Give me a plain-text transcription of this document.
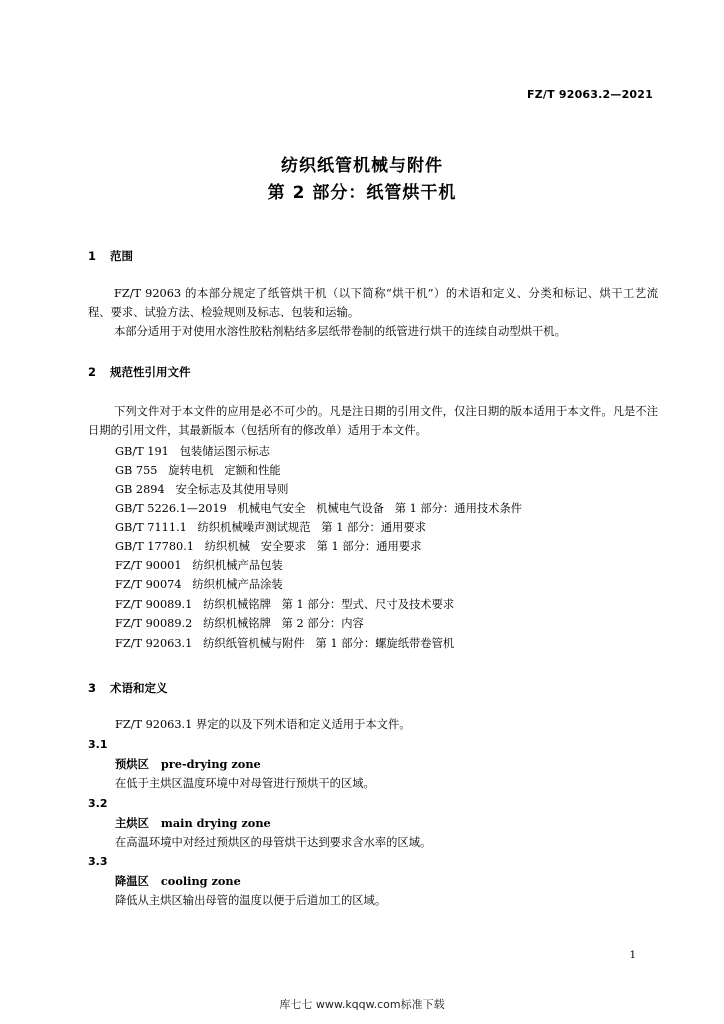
FZ/T 92063.2—2021
纺织纸管机械与附件
第 2 部分：纸管烘干机
1 范围
FZ/T 92063 的本部分规定了纸管烘干机（以下简称“烘干机”）的术语和定义、分类和标记、烘干工艺流程、要求、试验方法、检验规则及标志、包装和运输。
本部分适用于对使用水溶性胶粘剂粘结多层纸带卷制的纸管进行烘干的连续自动型烘干机。
2 规范性引用文件
下列文件对于本文件的应用是必不可少的。凡是注日期的引用文件，仅注日期的版本适用于本文件。凡是不注日期的引用文件，其最新版本（包括所有的修改单）适用于本文件。
GB/T 191   包装储运图示标志
GB 755   旋转电机   定额和性能
GB 2894   安全标志及其使用导则
GB/T 5226.1—2019   机械电气安全   机械电气设备   第 1 部分：通用技术条件
GB/T 7111.1   纺织机械噪声测试规范   第 1 部分：通用要求
GB/T 17780.1   纺织机械   安全要求   第 1 部分：通用要求
FZ/T 90001   纺织机械产品包装
FZ/T 90074   纺织机械产品涂装
FZ/T 90089.1   纺织机械铭牌   第 1 部分：型式、尺寸及技术要求
FZ/T 90089.2   纺织机械铭牌   第 2 部分：内容
FZ/T 92063.1   纺织纸管机械与附件   第 1 部分：螺旋纸带卷管机
3 术语和定义
FZ/T 92063.1 界定的以及下列术语和定义适用于本文件。
3.1
预烘区 pre-drying zone
在低于主烘区温度环境中对母管进行预烘干的区域。
3.2
主烘区 main drying zone
在高温环境中对经过预烘区的母管烘干达到要求含水率的区域。
3.3
降温区 cooling zone
降低从主烘区输出母管的温度以便于后道加工的区域。
1
库七七 www.kqqw.com标准下载
